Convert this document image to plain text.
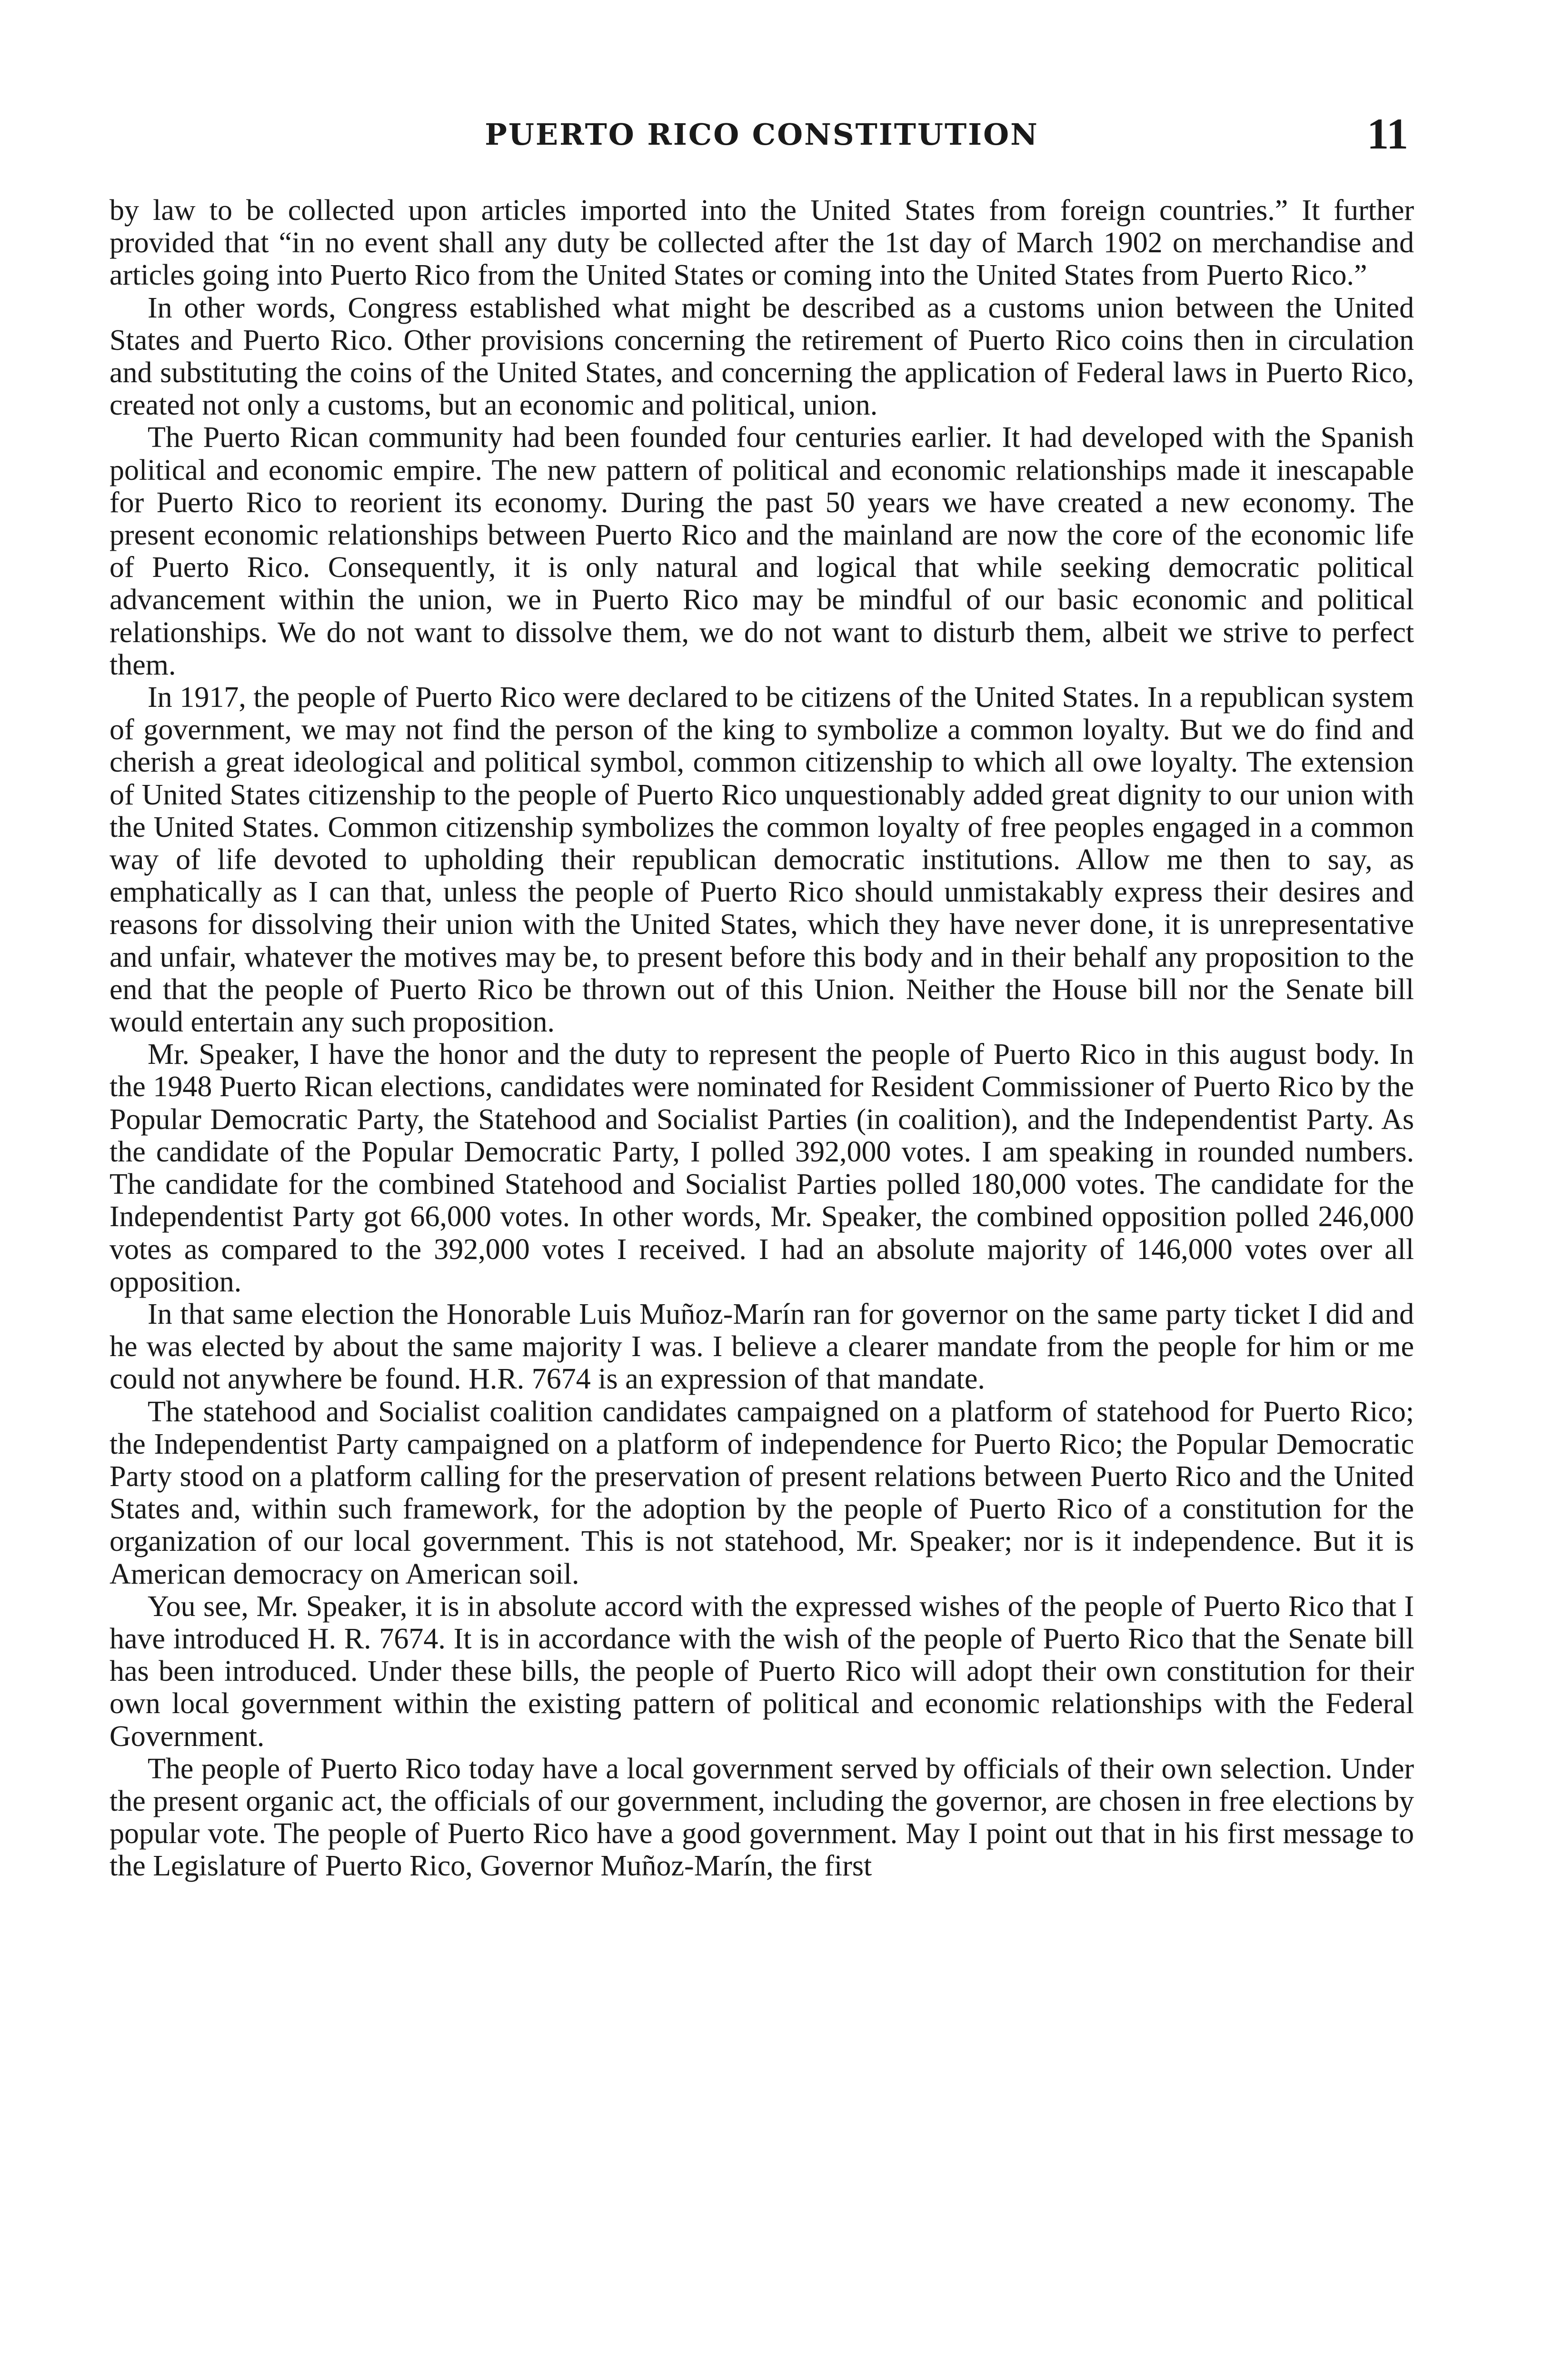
PUERTO RICO CONSTITUTION	11

by law to be collected upon articles imported into the United States from foreign countries.” It further provided that “in no event shall any duty be collected after the 1st day of March 1902 on merchandise and articles going into Puerto Rico from the United States or coming into the United States from Puerto Rico.”

In other words, Congress established what might be described as a customs union between the United States and Puerto Rico. Other provisions concerning the retirement of Puerto Rico coins then in circulation and substituting the coins of the United States, and concerning the application of Federal laws in Puerto Rico, created not only a customs, but an economic and political, union.

The Puerto Rican community had been founded four centuries earlier. It had developed with the Spanish political and economic empire. The new pattern of political and economic relationships made it inescapable for Puerto Rico to reorient its economy. During the past 50 years we have created a new economy. The present economic relationships between Puerto Rico and the mainland are now the core of the economic life of Puerto Rico. Consequently, it is only natural and logical that while seeking democratic political advancement within the union, we in Puerto Rico may be mindful of our basic economic and political relationships. We do not want to dissolve them, we do not want to disturb them, albeit we strive to perfect them.

In 1917, the people of Puerto Rico were declared to be citizens of the United States. In a republican system of government, we may not find the person of the king to symbolize a common loyalty. But we do find and cherish a great ideological and political symbol, common citizenship to which all owe loyalty. The extension of United States citizenship to the people of Puerto Rico unquestionably added great dignity to our union with the United States. Common citizenship symbolizes the common loyalty of free peoples engaged in a common way of life devoted to upholding their republican democratic institutions. Allow me then to say, as emphatically as I can that, unless the people of Puerto Rico should unmistakably express their desires and reasons for dissolving their union with the United States, which they have never done, it is unrepresentative and unfair, whatever the motives may be, to present before this body and in their behalf any proposition to the end that the people of Puerto Rico be thrown out of this Union. Neither the House bill nor the Senate bill would entertain any such proposition.

Mr. Speaker, I have the honor and the duty to represent the people of Puerto Rico in this august body. In the 1948 Puerto Rican elections, candidates were nominated for Resident Commissioner of Puerto Rico by the Popular Democratic Party, the Statehood and Socialist Parties (in coalition), and the Independentist Party. As the candidate of the Popular Democratic Party, I polled 392,000 votes. I am speaking in rounded numbers. The candidate for the combined Statehood and Socialist Parties polled 180,000 votes. The candidate for the Independentist Party got 66,000 votes. In other words, Mr. Speaker, the combined opposition polled 246,000 votes as compared to the 392,000 votes I received. I had an absolute majority of 146,000 votes over all opposition.

In that same election the Honorable Luis Muñoz-Marín ran for governor on the same party ticket I did and he was elected by about the same majority I was. I believe a clearer mandate from the people for him or me could not anywhere be found. H.R. 7674 is an expression of that mandate.

The statehood and Socialist coalition candidates campaigned on a platform of statehood for Puerto Rico; the Independentist Party campaigned on a platform of independence for Puerto Rico; the Popular Democratic Party stood on a platform calling for the preservation of present relations between Puerto Rico and the United States and, within such framework, for the adoption by the people of Puerto Rico of a constitution for the organization of our local government. This is not statehood, Mr. Speaker; nor is it independence. But it is American democracy on American soil.

You see, Mr. Speaker, it is in absolute accord with the expressed wishes of the people of Puerto Rico that I have introduced H. R. 7674. It is in accordance with the wish of the people of Puerto Rico that the Senate bill has been introduced. Under these bills, the people of Puerto Rico will adopt their own constitution for their own local government within the existing pattern of political and economic relationships with the Federal Government.

The people of Puerto Rico today have a local government served by officials of their own selection. Under the present organic act, the officials of our government, including the governor, are chosen in free elections by popular vote. The people of Puerto Rico have a good government. May I point out that in his first message to the Legislature of Puerto Rico, Governor Muñoz-Marín, the first
